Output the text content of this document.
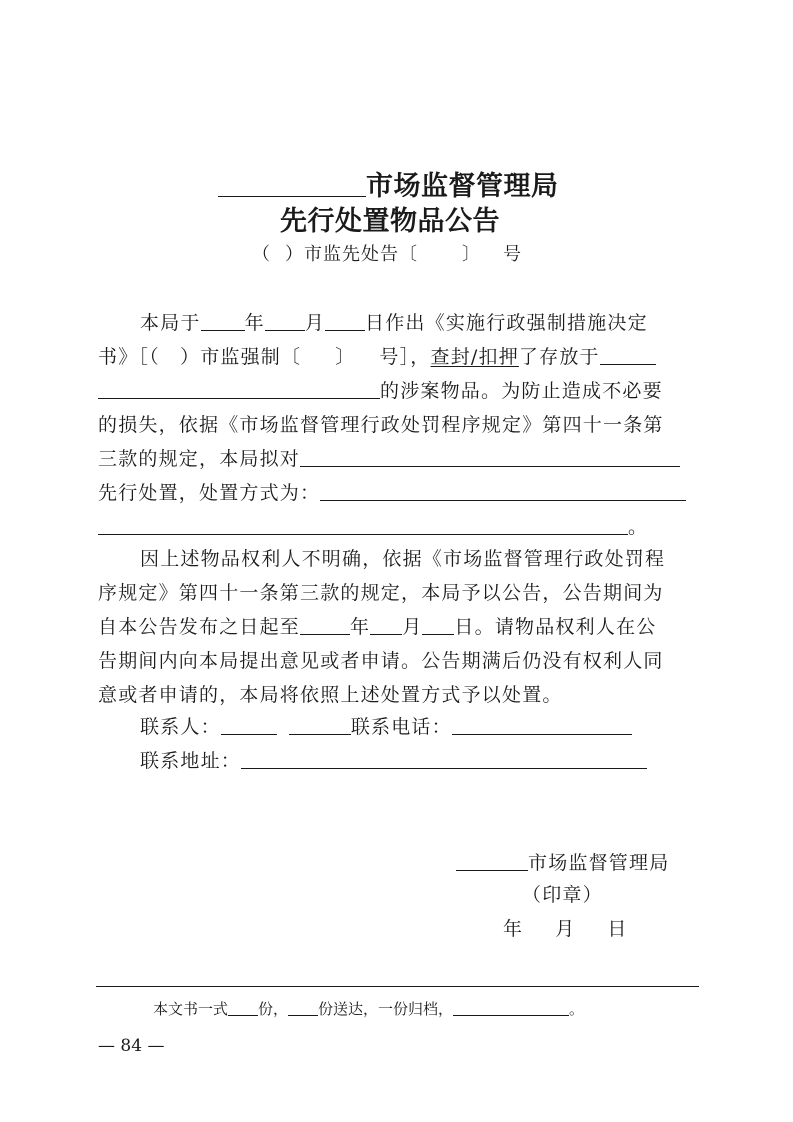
市场监督管理局
先行处置物品公告
（ ）市监先处告〔 〕 号
本局于 年 月 日作出《实施行政强制措施决定
书》［（　）市监强制〔 〕 号］，查封/扣押了存放于
的涉案物品。为防止造成不必要
的损失，依据《市场监督管理行政处罚程序规定》第四十一条第
三款的规定，本局拟对
先行处置，处置方式为：
。
因上述物品权利人不明确，依据《市场监督管理行政处罚程
序规定》第四十一条第三款的规定，本局予以公告，公告期间为
自本公告发布之日起至	年 月 日。请物品权利人在公
告期间内向本局提出意见或者申请。公告期满后仍没有权利人同
意或者申请的，本局将依照上述处置方式予以处置。
联系人：	联系电话：
联系地址：
市场监督管理局
（印章）
年 月 日
本文书一式 份， 份送达，一份归档，	。
— 84 —
